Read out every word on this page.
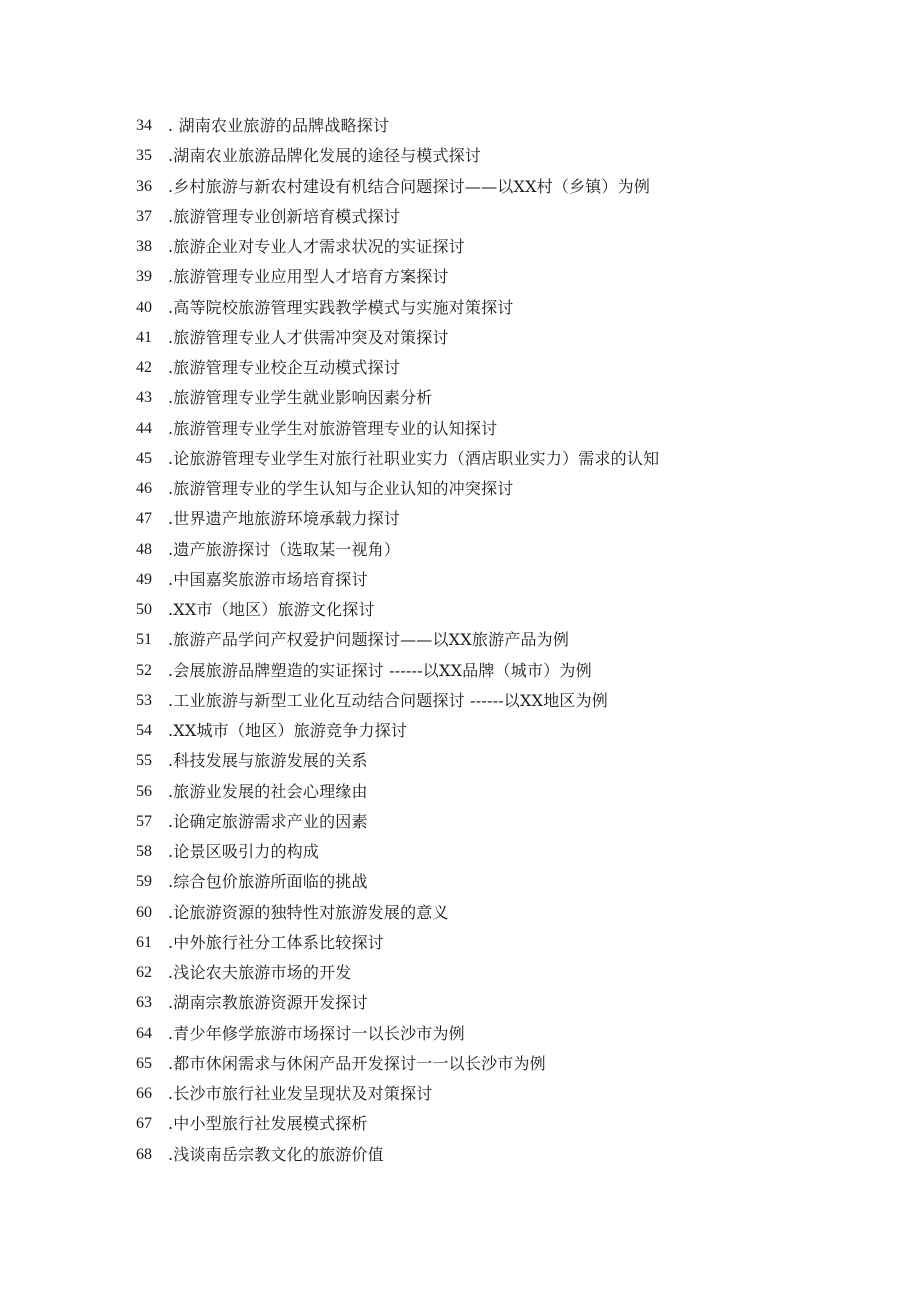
34	. 湖南农业旅游的品牌战略探讨
35	.湖南农业旅游品牌化发展的途径与模式探讨
36	.乡村旅游与新农村建设有机结合问题探讨——以XX村（乡镇）为例
37	.旅游管理专业创新培育模式探讨
38	.旅游企业对专业人才需求状况的实证探讨
39	.旅游管理专业应用型人才培育方案探讨
40	.高等院校旅游管理实践教学模式与实施对策探讨
41	.旅游管理专业人才供需冲突及对策探讨
42	.旅游管理专业校企互动模式探讨
43	.旅游管理专业学生就业影响因素分析
44	.旅游管理专业学生对旅游管理专业的认知探讨
45	.论旅游管理专业学生对旅行社职业实力（酒店职业实力）需求的认知
46	.旅游管理专业的学生认知与企业认知的冲突探讨
47	.世界遗产地旅游环境承载力探讨
48	.遗产旅游探讨（选取某一视角）
49	.中国嘉奖旅游市场培育探讨
50	.XX市（地区）旅游文化探讨
51	.旅游产品学问产权爱护问题探讨——以XX旅游产品为例
52	.会展旅游品牌塑造的实证探讨 ------以XX品牌（城市）为例
53	.工业旅游与新型工业化互动结合问题探讨 ------以XX地区为例
54	.XX城市（地区）旅游竞争力探讨
55	.科技发展与旅游发展的关系
56	.旅游业发展的社会心理缘由
57	.论确定旅游需求产业的因素
58	.论景区吸引力的构成
59	.综合包价旅游所面临的挑战
60	.论旅游资源的独特性对旅游发展的意义
61	.中外旅行社分工体系比较探讨
62	.浅论农夫旅游市场的开发
63	.湖南宗教旅游资源开发探讨
64	.青少年修学旅游市场探讨一以长沙市为例
65	.都市休闲需求与休闲产品开发探讨一一以长沙市为例
66	.长沙市旅行社业发呈现状及对策探讨
67	.中小型旅行社发展模式探析
68	.浅谈南岳宗教文化的旅游价值
